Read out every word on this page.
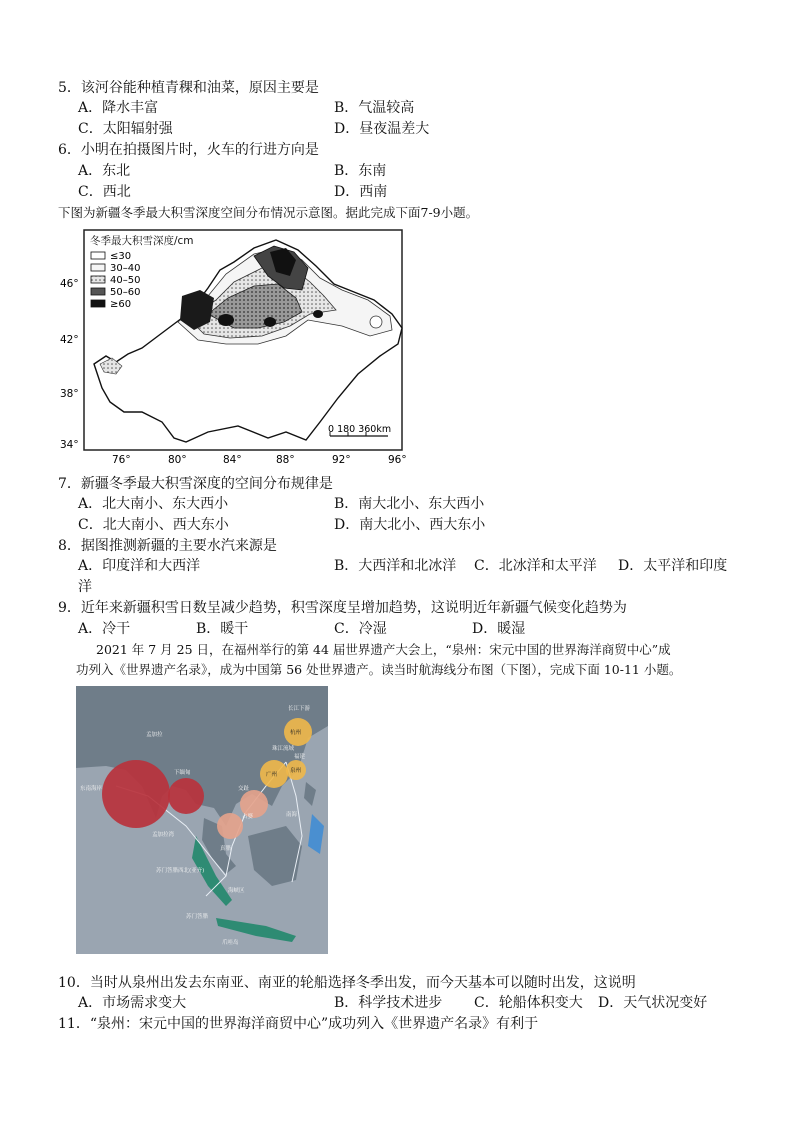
5．该河谷能种植青稞和油菜，原因主要是
A．降水丰富	B．气温较高
C．太阳辐射强	D．昼夜温差大
6．小明在拍摄图片时，火车的行进方向是
A．东北	B．东南
C．西北	D．西南
下图为新疆冬季最大积雪深度空间分布情况示意图。据此完成下面7-9小题。
冬季最大积雪深度/cm
≤30
30–40
40–50
50–60
≥60
0 180 360km
46°
42°
38°
34°
76°	80°	84°	88°	92°	96°
7．新疆冬季最大积雪深度的空间分布规律是
A．北大南小、东大西小	B．南大北小、东大西小
C．北大南小、西大东小	D．南大北小、西大东小
8．据图推测新疆的主要水汽来源是
A．印度洋和大西洋	B．大西洋和北冰洋 C．北冰洋和太平洋 D．太平洋和印度
洋
9．近年来新疆积雪日数呈减少趋势，积雪深度呈增加趋势，这说明近年新疆气候变化趋势为
A．冷干	B．暖干	C．冷湿	D．暖湿
2021 年 7 月 25 日，在福州举行的第 44 届世界遗产大会上，“泉州：宋元中国的世界海洋商贸中心”成
功列入《世界遗产名录》，成为中国第 56 处世界遗产。读当时航海线分布图（下图），完成下面 10-11 小题。
长江下游
杭州
珠江流域
福建
广州
泉州
交趾
占婆
真腊
孟加拉
下缅甸
东南海岸
孟加拉湾
南海
苏门答腊西北(亚齐)
海峡区
苏门答腊
爪哇岛
10．当时从泉州出发去东南亚、南亚的轮船选择冬季出发，而今天基本可以随时出发，这说明
A．市场需求变大	B．科学技术进步 C．轮船体积变大 D．天气状况变好
11．“泉州：宋元中国的世界海洋商贸中心”成功列入《世界遗产名录》有利于
